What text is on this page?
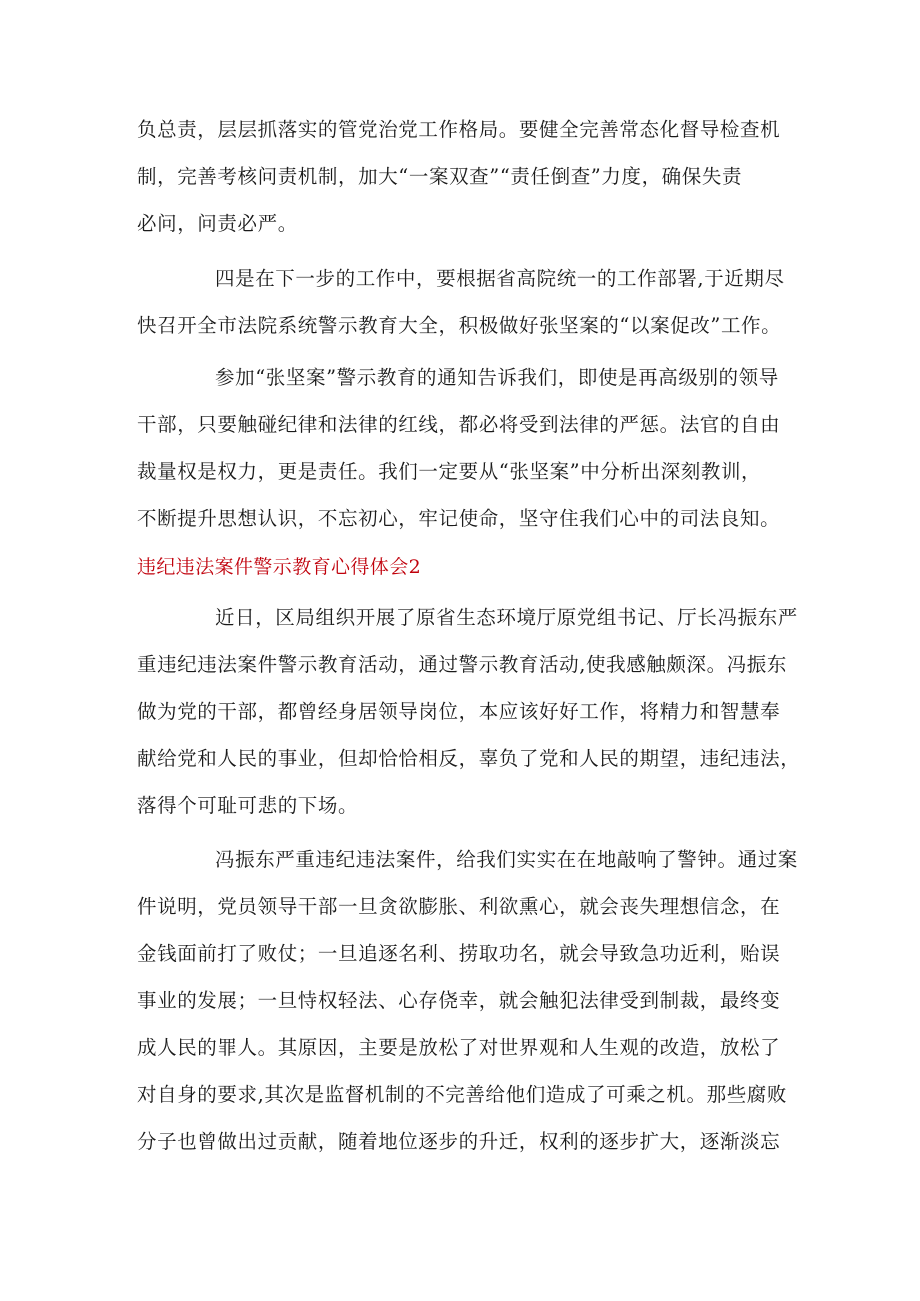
负总责，层层抓落实的管党治党工作格局。要健全完善常态化督导检查机
制，完善考核问责机制，加大“一案双查”“责任倒查”力度，确保失责
必问，问责必严。
四是在下一步的工作中，要根据省高院统一的工作部署,于近期尽
快召开全市法院系统警示教育大全，积极做好张坚案的“以案促改”工作。
参加“张坚案”警示教育的通知告诉我们，即使是再高级别的领导
干部，只要触碰纪律和法律的红线，都必将受到法律的严惩。法官的自由
裁量权是权力，更是责任。我们一定要从“张坚案”中分析出深刻教训，
不断提升思想认识，不忘初心，牢记使命，坚守住我们心中的司法良知。
违纪违法案件警示教育心得体会2
近日，区局组织开展了原省生态环境厅原党组书记、厅长冯振东严
重违纪违法案件警示教育活动，通过警示教育活动,使我感触颇深。冯振东
做为党的干部，都曾经身居领导岗位，本应该好好工作，将精力和智慧奉
献给党和人民的事业，但却恰恰相反，辜负了党和人民的期望，违纪违法，
落得个可耻可悲的下场。
冯振东严重违纪违法案件，给我们实实在在地敲响了警钟。通过案
件说明，党员领导干部一旦贪欲膨胀、利欲熏心，就会丧失理想信念，在
金钱面前打了败仗；一旦追逐名利、捞取功名，就会导致急功近利，贻误
事业的发展；一旦恃权轻法、心存侥幸，就会触犯法律受到制裁，最终变
成人民的罪人。其原因，主要是放松了对世界观和人生观的改造，放松了
对自身的要求,其次是监督机制的不完善给他们造成了可乘之机。那些腐败
分子也曾做出过贡献，随着地位逐步的升迁，权利的逐步扩大，逐渐淡忘
